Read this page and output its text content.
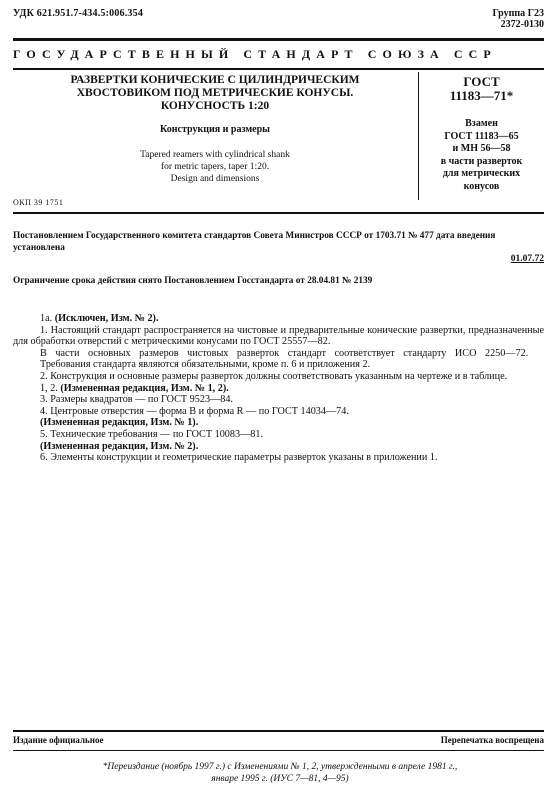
УДК 621.951.7-434.5:006.354	Группа Г23
2372-0130
ГОСУДАРСТВЕННЫЙ СТАНДАРТ СОЮЗА ССР
РАЗВЕРТКИ КОНИЧЕСКИЕ С ЦИЛИНДРИЧЕСКИМ
ХВОСТОВИКОМ ПОД МЕТРИЧЕСКИЕ КОНУСЫ.
КОНУСНОСТЬ 1:20
Конструкция и размеры
Tapered reamers with cylindrical shank
for metric tapers, taper 1:20.
Design and dimensions
ГОСТ
11183—71*
Взамен
ГОСТ 11183—65
и МН 56—58
в части разверток
для метрических
конусов
ОКП 39 1751
Постановлением Государственного комитета стандартов Совета Министров СССР от 1703.71 № 477 дата введения установлена
01.07.72
Ограничение срока действия снято Постановлением Госстандарта от 28.04.81 № 2139

1а. (Исключен, Изм. № 2).

1. Настоящий стандарт распространяется на чистовые и предварительные конические развертки, предназначенные для обработки отверстий с метрическими конусами по ГОСТ 25557—82.

В части основных размеров чистовых разверток стандарт соответствует стандарту ИСО 2250—72.

Требования стандарта являются обязательными, кроме п. 6 и приложения 2.

2. Конструкция и основные размеры разверток должны соответствовать указанным на чертеже и в таблице.

1, 2. (Измененная редакция, Изм. № 1, 2).

3. Размеры квадратов — по ГОСТ 9523—84.

4. Центровые отверстия — форма В и форма R — по ГОСТ 14034—74.

(Измененная редакция, Изм. № 1).

5. Технические требования — по ГОСТ 10083—81.

(Измененная редакция, Изм. № 2).

6. Элементы конструкции и геометрические параметры разверток указаны в приложении 1.

Издание официальное	Перепечатка воспрещена
*Переиздание (ноябрь 1997 г.) с Изменениями № 1, 2, утвержденными в апреле 1981 г.,
январе 1995 г. (ИУС 7—81, 4—95)
